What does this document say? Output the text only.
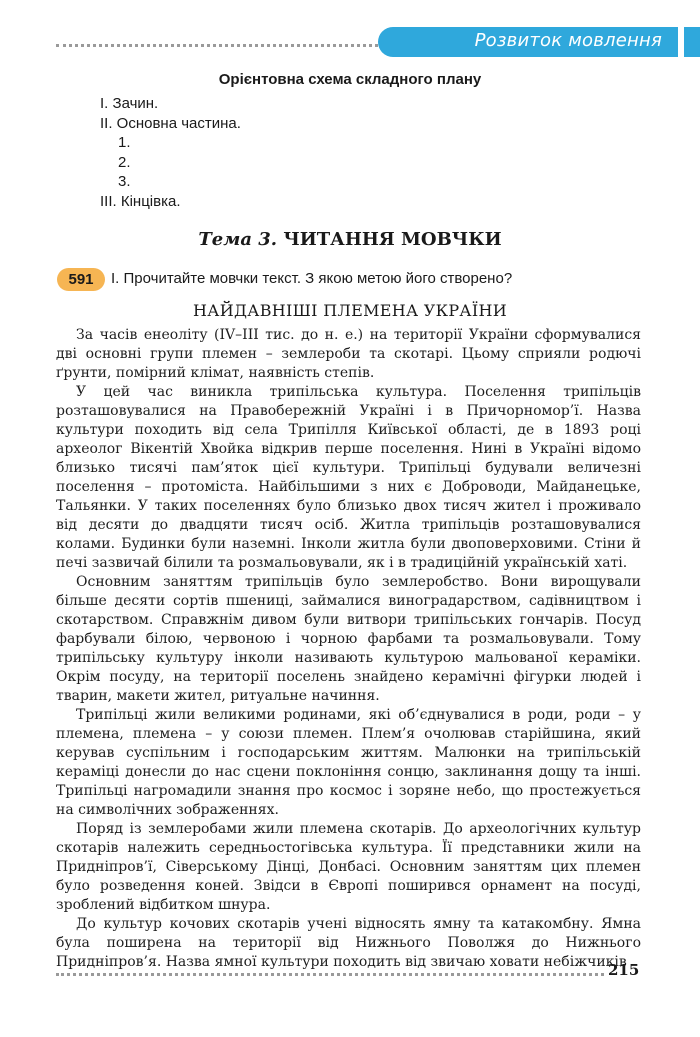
Розвиток мовлення
Орієнтовна схема складного плану
І. Зачин.
ІІ. Основна частина.
1.
2.
3.
ІІІ. Кінцівка.
Тема 3. ЧИТАННЯ МОВЧКИ
591	І. Прочитайте мовчки текст. З якою метою його створено?
НАЙДАВНІШІ ПЛЕМЕНА УКРАЇНИ

За часів енеоліту (IV–III тис. до н. е.) на території України сформувалися дві основні групи племен – землероби та скотарі. Цьому сприяли родючі ґрунти, помірний клімат, наявність степів.

У цей час виникла трипільська культура. Поселення трипільців розташовувалися на Правобережній Україні і в Причорномор’ї. Назва культури походить від села Трипілля Київської області, де в 1893 році археолог Вікентій Хвойка відкрив перше поселення. Нині в Україні відомо близько тисячі пам’яток цієї культури. Трипільці будували величезні поселення – протомістa. Найбільшими з них є Доброводи, Майданецьке, Тальянки. У таких поселеннях було близько двох тисяч жител і проживало від десяти до двадцяти тисяч осіб. Житла трипільців розташовувалися колами. Будинки були наземні. Інколи житла були двоповерховими. Стіни й печі зазвичай білили та розмальовували, як і в традиційній українській хаті.

Основним заняттям трипільців було землеробство. Вони вирощували більше десяти сортів пшениці, займалися виноградарством, садівництвом і скотарством. Справжнім дивом були витвори трипільських гончарів. Посуд фарбували білою, червоною і чорною фарбами та розмальовували. Тому трипільську культуру інколи називають культурою мальованої кераміки. Окрім посуду, на території поселень знайдено керамічні фігурки людей і тварин, макети жител, ритуальне начиння.

Трипільці жили великими родинами, які об’єднувалися в роди, роди – у племена, племена – у союзи племен. Плем’я очолював старійшина, який керував суспільним і господарським життям. Малюнки на трипільській кераміці донесли до нас сцени поклоніння сонцю, заклинання дощу та інші. Трипільці нагромадили знання про космос і зоряне небо, що простежується на символічних зображеннях.

Поряд із землеробами жили племена скотарів. До археологічних культур скотарів належить середньостогівська культура. Її представники жили на Придніпров’ї, Сіверському Дінці, Донбасі. Основним заняттям цих племен було розведення коней. Звідси в Європі поширився орнамент на посуді, зроблений відбитком шнура.

До культур кочових скотарів учені відносять ямну та катакомбну. Ямна була поширена на території від Нижнього Поволжя до Нижнього Придніпров’я. Назва ямної культури походить від звичаю ховати небіжчиків

215
